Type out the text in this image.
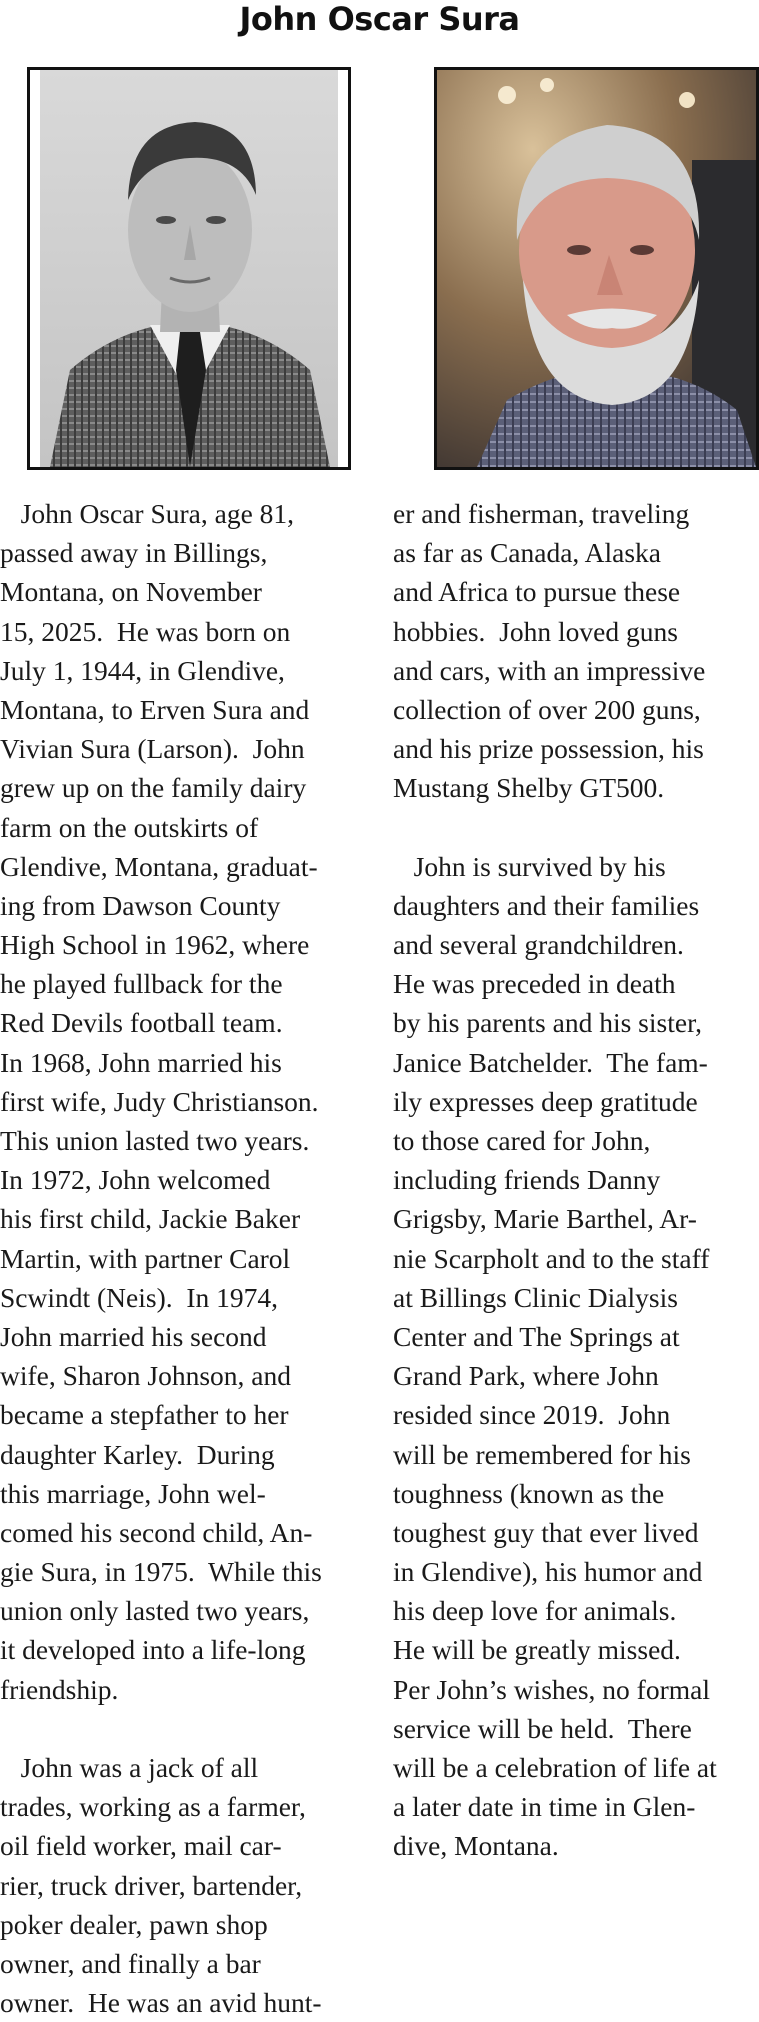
John Oscar Sura
John Oscar Sura, age 81,
passed away in Billings,
Montana, on November
15, 2025.  He was born on
July 1, 1944, in Glendive,
Montana, to Erven Sura and
Vivian Sura (Larson).  John
grew up on the family dairy
farm on the outskirts of
Glendive, Montana, graduat-
ing from Dawson County
High School in 1962, where
he played fullback for the
Red Devils football team.
In 1968, John married his
first wife, Judy Christianson.
This union lasted two years.
In 1972, John welcomed
his first child, Jackie Baker
Martin, with partner Carol
Scwindt (Neis).  In 1974,
John married his second
wife, Sharon Johnson, and
became a stepfather to her
daughter Karley.  During
this marriage, John wel-
comed his second child, An-
gie Sura, in 1975.  While this
union only lasted two years,
it developed into a life-long
friendship.
John was a jack of all
trades, working as a farmer,
oil field worker, mail car-
rier, truck driver, bartender,
poker dealer, pawn shop
owner, and finally a bar
owner.  He was an avid hunt-
er and fisherman, traveling
as far as Canada, Alaska
and Africa to pursue these
hobbies.  John loved guns
and cars, with an impressive
collection of over 200 guns,
and his prize possession, his
Mustang Shelby GT500.
John is survived by his
daughters and their families
and several grandchildren.
He was preceded in death
by his parents and his sister,
Janice Batchelder.  The fam-
ily expresses deep gratitude
to those cared for John,
including friends Danny
Grigsby, Marie Barthel, Ar-
nie Scarpholt and to the staff
at Billings Clinic Dialysis
Center and The Springs at
Grand Park, where John
resided since 2019.  John
will be remembered for his
toughness (known as the
toughest guy that ever lived
in Glendive), his humor and
his deep love for animals.
He will be greatly missed.
Per John’s wishes, no formal
service will be held.  There
will be a celebration of life at
a later date in time in Glen-
dive, Montana.
